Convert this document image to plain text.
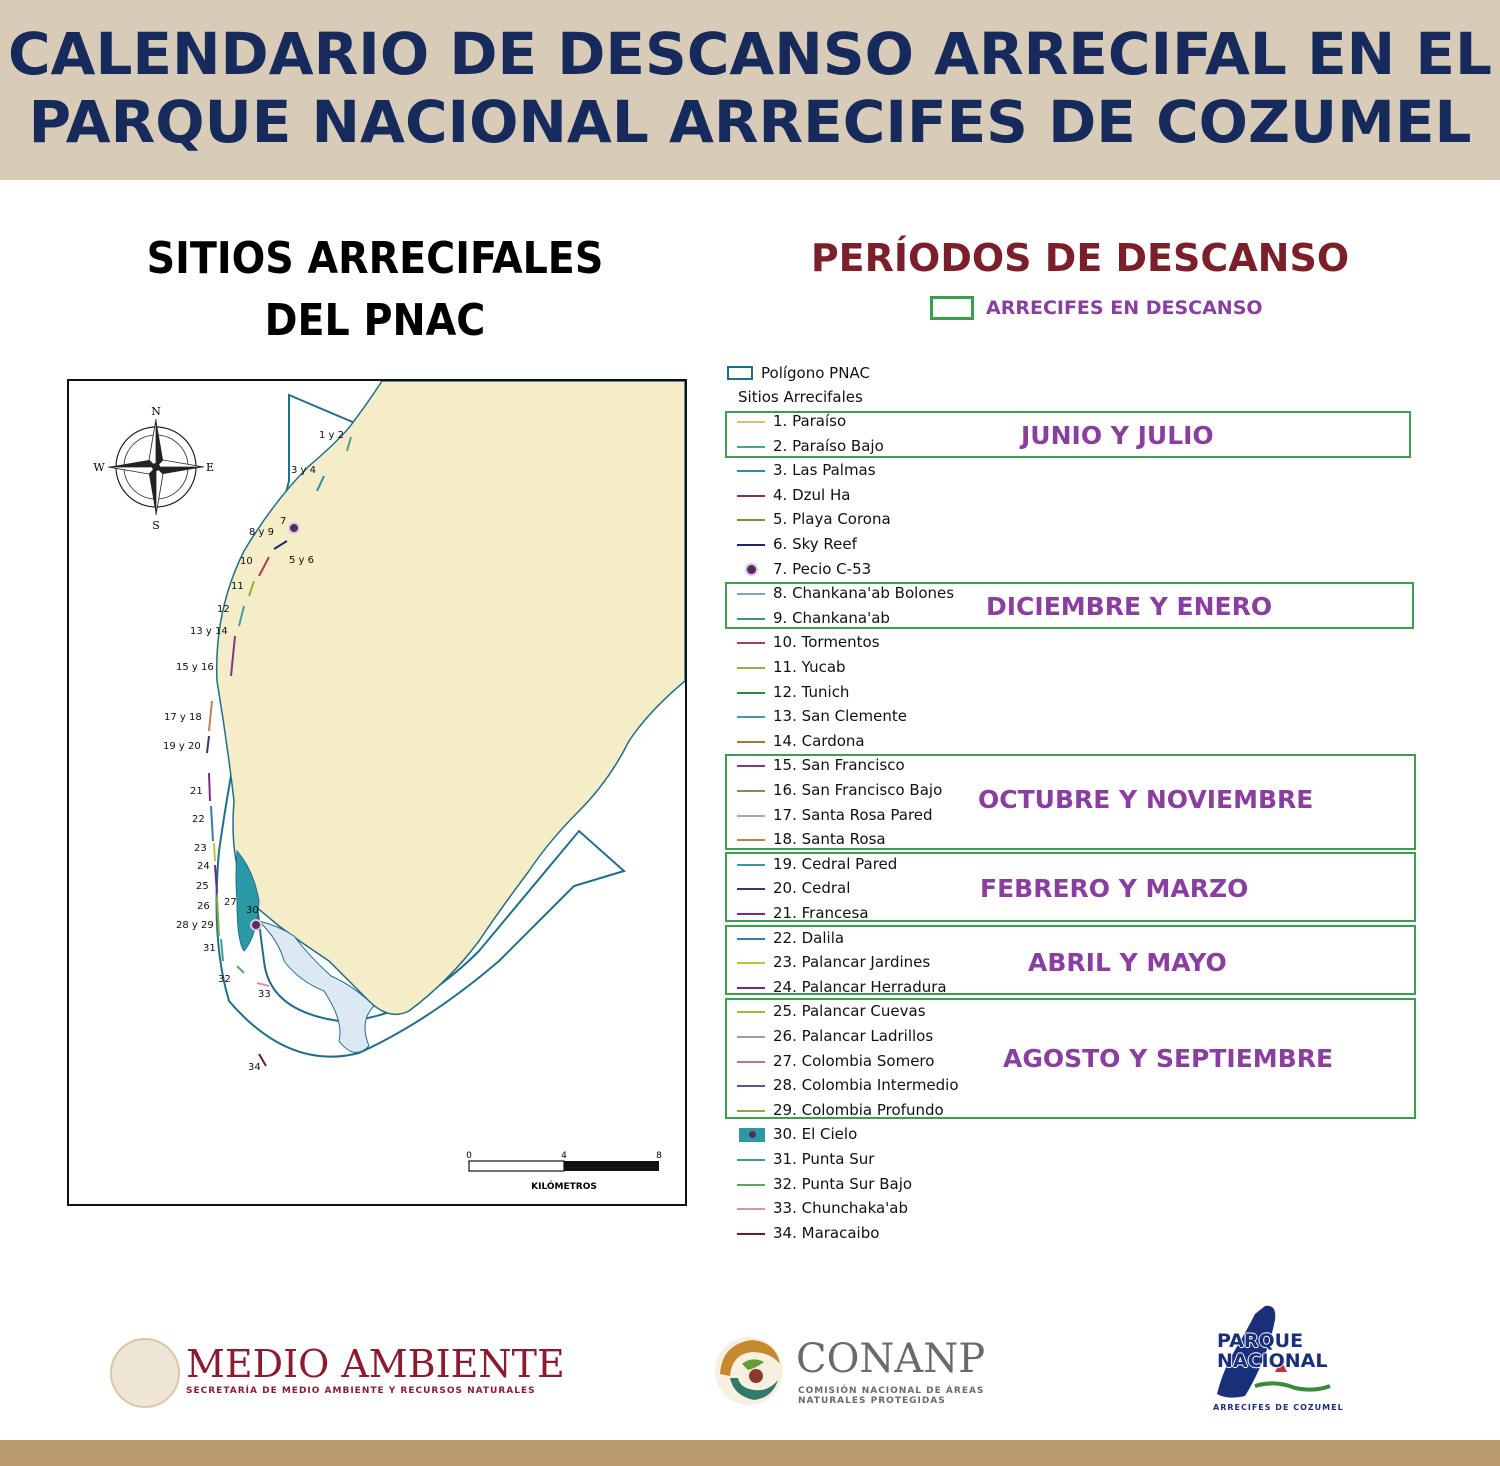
CALENDARIO DE DESCANSO ARRECIFAL EN EL
PARQUE NACIONAL ARRECIFES DE COZUMEL
SITIOS ARRECIFALES
DEL PNAC
PERÍODOS DE DESCANSO
ARRECIFES EN DESCANSO
N
S
E
W
1 y 2
3 y 4
7
8 y 9
5 y 6
10
11
12
13 y 14
15 y 16
17 y 18
19 y 20
21
22
23
24
25
26 27
28 y 29
30
31
32
33
34
0	4	8
KILÓMETROS
Polígono PNAC
Sitios Arrecifales
1. Paraíso
2. Paraíso Bajo
3. Las Palmas
4. Dzul Ha
5. Playa Corona
6. Sky Reef
7. Pecio C-53
8. Chankana'ab Bolones
9. Chankana'ab
10. Tormentos
11. Yucab
12. Tunich
13. San Clemente
14. Cardona
15. San Francisco
16. San Francisco Bajo
17. Santa Rosa Pared
18. Santa Rosa
19. Cedral Pared
20. Cedral
21. Francesa
22. Dalila
23. Palancar Jardines
24. Palancar Herradura
25. Palancar Cuevas
26. Palancar Ladrillos
27. Colombia Somero
28. Colombia Intermedio
29. Colombia Profundo
30. El Cielo
31. Punta Sur
32. Punta Sur Bajo
33. Chunchaka'ab
34. Maracaibo
JUNIO Y JULIO
DICIEMBRE Y ENERO
OCTUBRE Y NOVIEMBRE
FEBRERO Y MARZO
ABRIL Y MAYO
AGOSTO Y SEPTIEMBRE
MEDIO AMBIENTE
SECRETARÍA DE MEDIO AMBIENTE Y RECURSOS NATURALES
CONANP
COMISIÓN NACIONAL DE ÁREAS NATURALES PROTEGIDAS
PARQUE
NACIONAL
ARRECIFES DE COZUMEL
